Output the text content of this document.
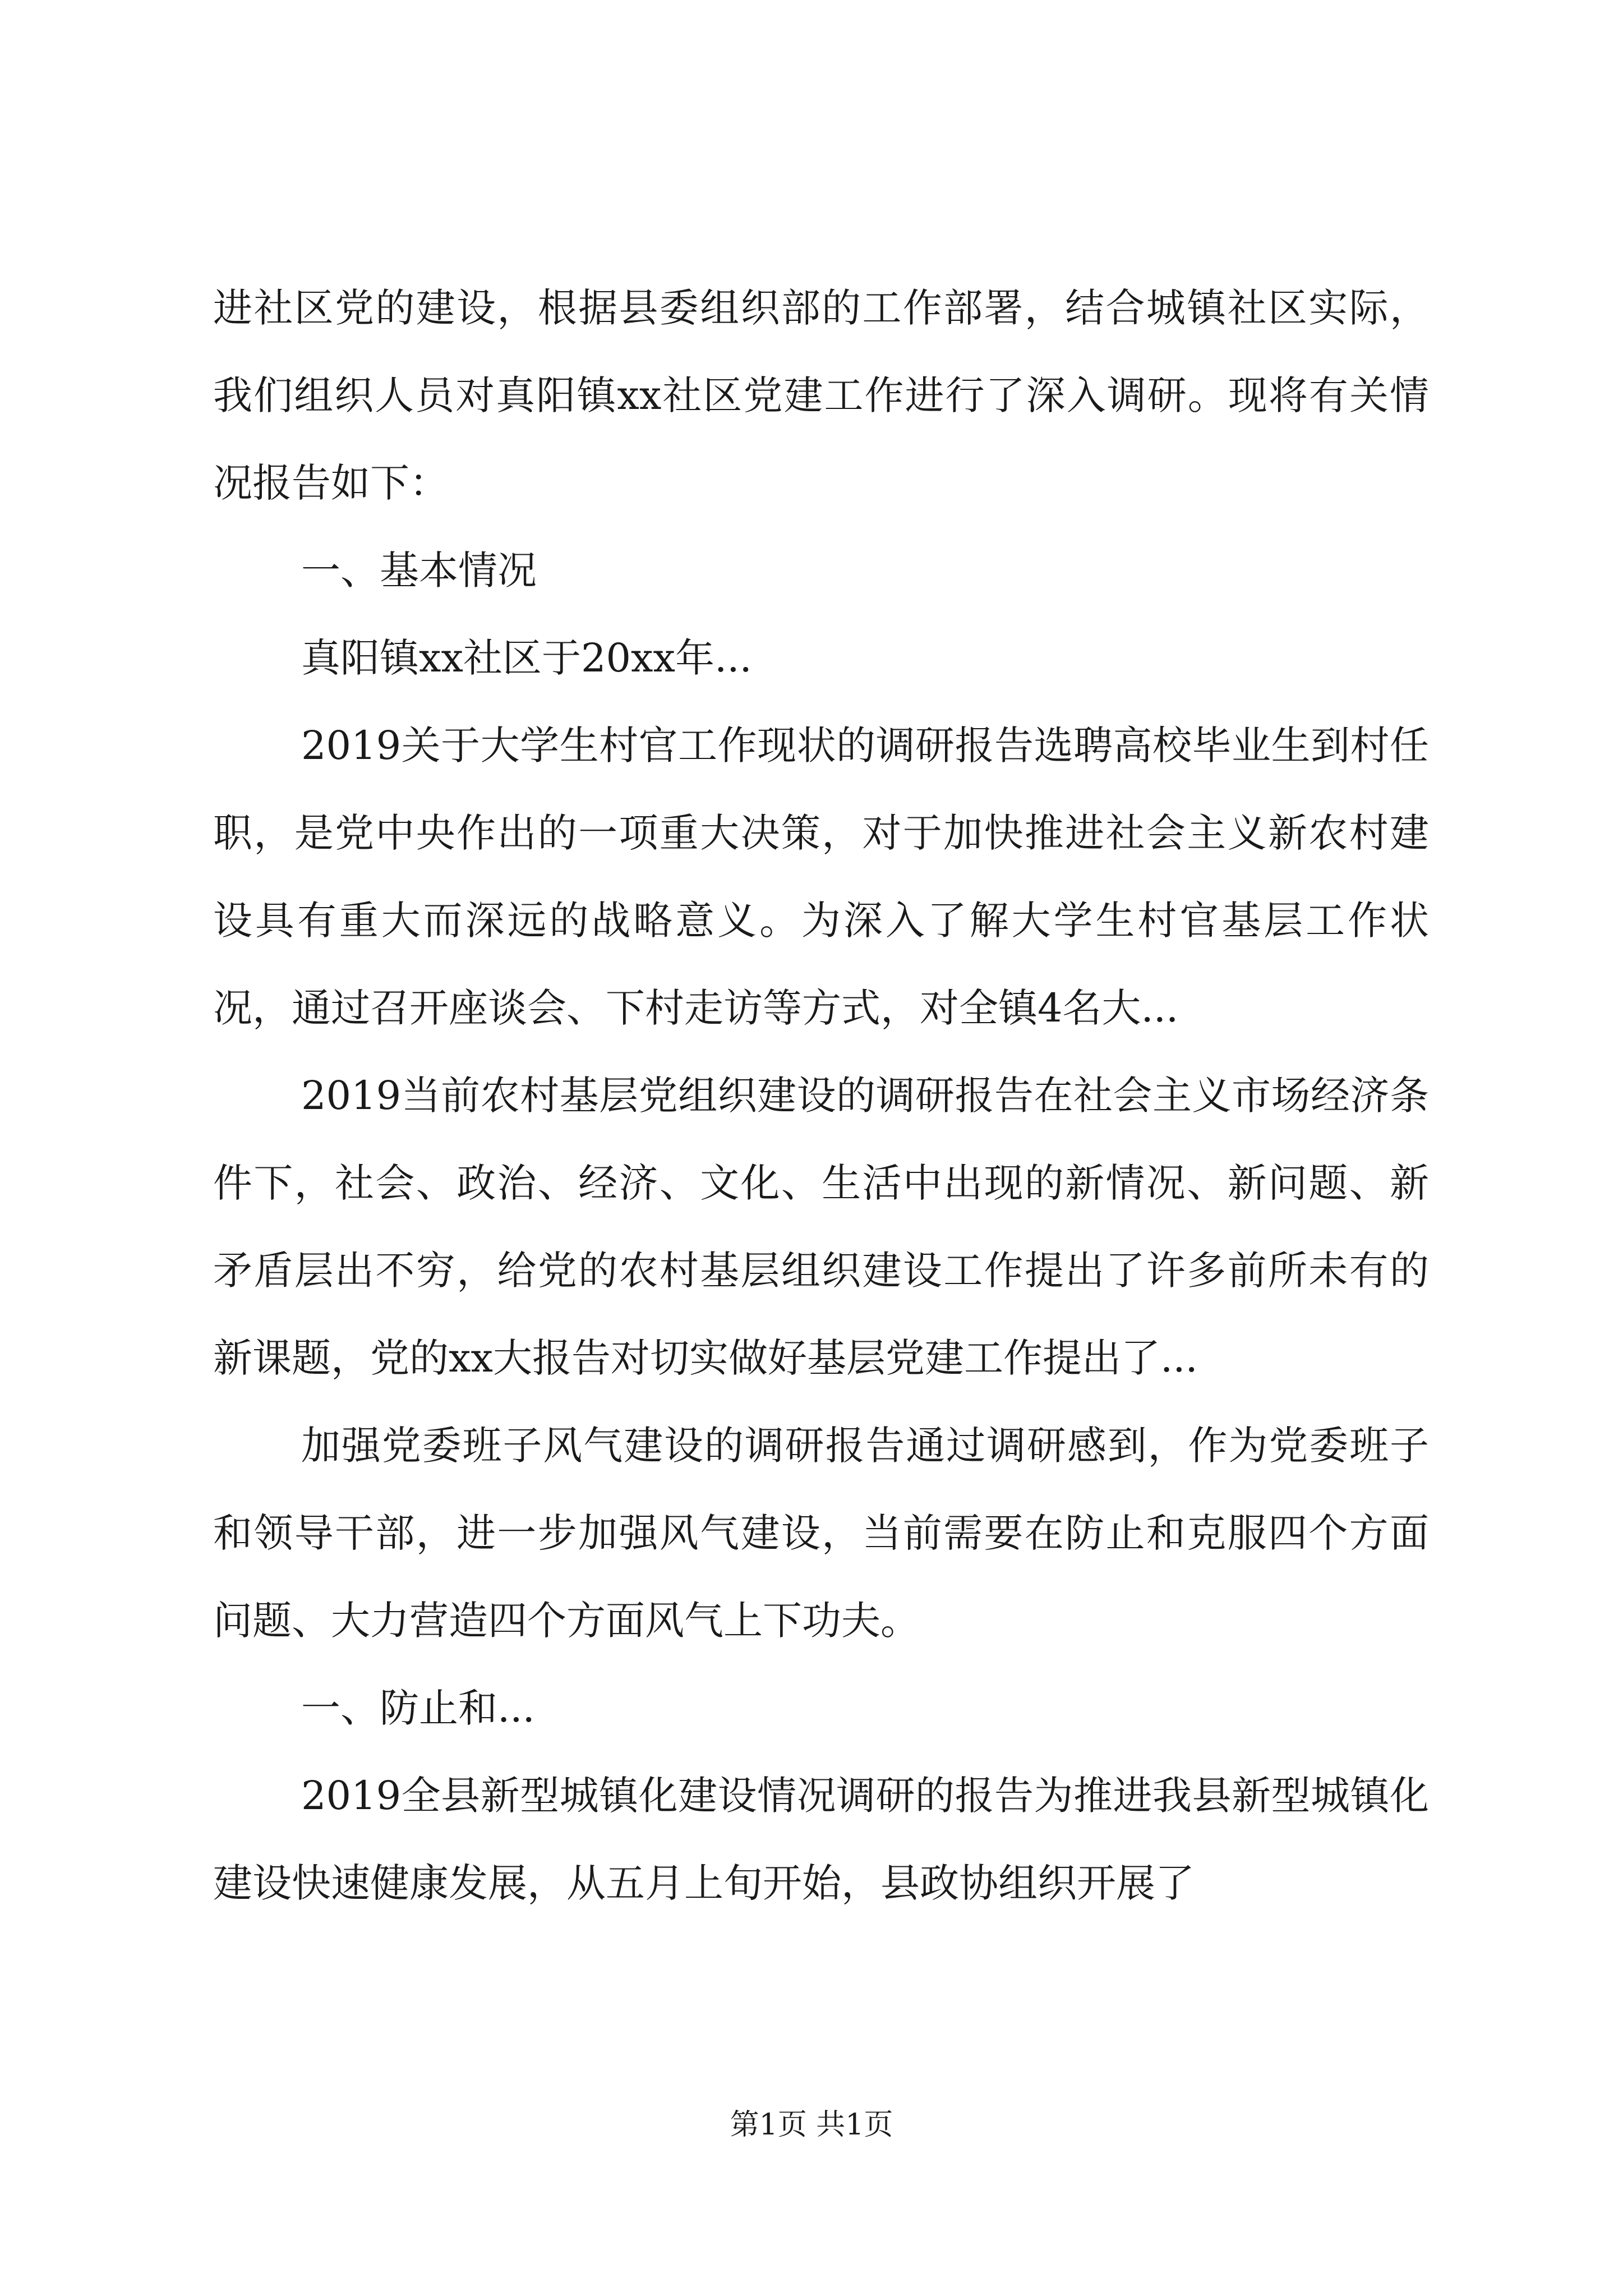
进社区党的建设，根据县委组织部的工作部署，结合城镇社区实际，我们组织人员对真阳镇xx社区党建工作进行了深入调研。现将有关情况报告如下：

一、基本情况

真阳镇xx社区于20xx年...

2019关于大学生村官工作现状的调研报告选聘高校毕业生到村任职，是党中央作出的一项重大决策，对于加快推进社会主义新农村建设具有重大而深远的战略意义。为深入了解大学生村官基层工作状况，通过召开座谈会、下村走访等方式，对全镇4名大...

2019当前农村基层党组织建设的调研报告在社会主义市场经济条件下，社会、政治、经济、文化、生活中出现的新情况、新问题、新矛盾层出不穷，给党的农村基层组织建设工作提出了许多前所未有的新课题，党的xx大报告对切实做好基层党建工作提出了...

加强党委班子风气建设的调研报告通过调研感到，作为党委班子和领导干部，进一步加强风气建设，当前需要在防止和克服四个方面问题、大力营造四个方面风气上下功夫。

一、防止和...

2019全县新型城镇化建设情况调研的报告为推进我县新型城镇化建设快速健康发展，从五月上旬开始，县政协组织开展了

第1页 共1页
